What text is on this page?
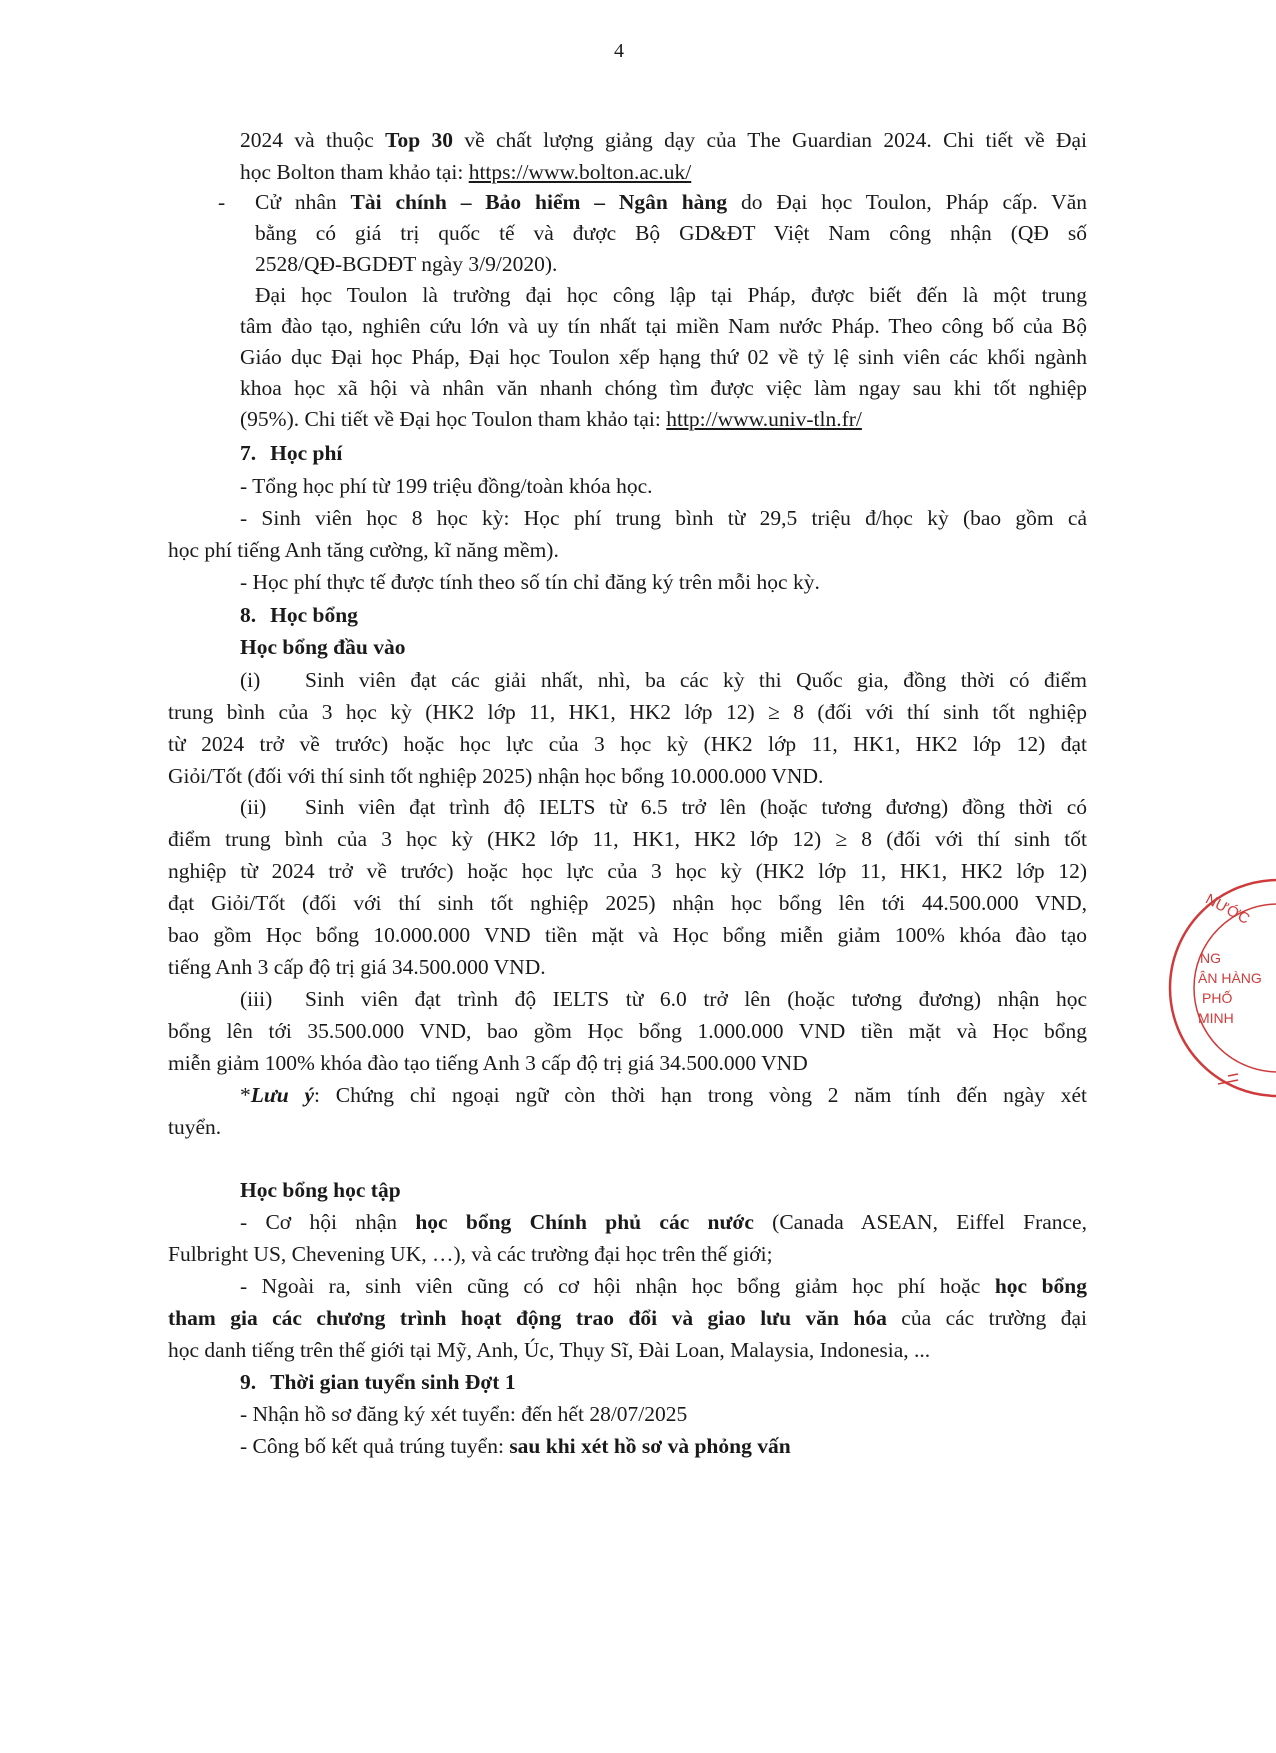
4
2024 và thuộc Top 30 về chất lượng giảng dạy của The Guardian 2024. Chi tiết về Đại
học Bolton tham khảo tại: https://www.bolton.ac.uk/
-	Cử nhân Tài chính – Bảo hiểm – Ngân hàng do Đại học Toulon, Pháp cấp. Văn
bằng có giá trị quốc tế và được Bộ GD&ĐT Việt Nam công nhận (QĐ số
2528/QĐ-BGDĐT ngày 3/9/2020).
Đại học Toulon là trường đại học công lập tại Pháp, được biết đến là một trung
tâm đào tạo, nghiên cứu lớn và uy tín nhất tại miền Nam nước Pháp. Theo công bố của Bộ
Giáo dục Đại học Pháp, Đại học Toulon xếp hạng thứ 02 về tỷ lệ sinh viên các khối ngành
khoa học xã hội và nhân văn nhanh chóng tìm được việc làm ngay sau khi tốt nghiệp
(95%). Chi tiết về Đại học Toulon tham khảo tại: http://www.univ-tln.fr/
7. Học phí
- Tổng học phí từ 199 triệu đồng/toàn khóa học.
- Sinh viên học 8 học kỳ: Học phí trung bình từ 29,5 triệu đ/học kỳ (bao gồm cả
học phí tiếng Anh tăng cường, kĩ năng mềm).
- Học phí thực tế được tính theo số tín chỉ đăng ký trên mỗi học kỳ.
8. Học bổng
Học bổng đầu vào
(i)	Sinh viên đạt các giải nhất, nhì, ba các kỳ thi Quốc gia, đồng thời có điểm
trung bình của 3 học kỳ (HK2 lớp 11, HK1, HK2 lớp 12) ≥ 8 (đối với thí sinh tốt nghiệp
từ 2024 trở về trước) hoặc học lực của 3 học kỳ (HK2 lớp 11, HK1, HK2 lớp 12) đạt
Giỏi/Tốt (đối với thí sinh tốt nghiệp 2025) nhận học bổng 10.000.000 VND.
(ii)	Sinh viên đạt trình độ IELTS từ 6.5 trở lên (hoặc tương đương) đồng thời có
điểm trung bình của 3 học kỳ (HK2 lớp 11, HK1, HK2 lớp 12) ≥ 8 (đối với thí sinh tốt
nghiệp từ 2024 trở về trước) hoặc học lực của 3 học kỳ (HK2 lớp 11, HK1, HK2 lớp 12)
đạt Giỏi/Tốt (đối với thí sinh tốt nghiệp 2025) nhận học bổng lên tới 44.500.000 VND,
bao gồm Học bổng 10.000.000 VND tiền mặt và Học bổng miễn giảm 100% khóa đào tạo
tiếng Anh 3 cấp độ trị giá 34.500.000 VND.
(iii)	Sinh viên đạt trình độ IELTS từ 6.0 trở lên (hoặc tương đương) nhận học
bổng lên tới 35.500.000 VND, bao gồm Học bổng 1.000.000 VND tiền mặt và Học bổng
miễn giảm 100% khóa đào tạo tiếng Anh 3 cấp độ trị giá 34.500.000 VND
*Lưu ý: Chứng chỉ ngoại ngữ còn thời hạn trong vòng 2 năm tính đến ngày xét
tuyển.
Học bổng học tập
- Cơ hội nhận học bổng Chính phủ các nước (Canada ASEAN, Eiffel France,
Fulbright US, Chevening UK, …), và các trường đại học trên thế giới;
- Ngoài ra, sinh viên cũng có cơ hội nhận học bổng giảm học phí hoặc học bổng
tham gia các chương trình hoạt động trao đổi và giao lưu văn hóa của các trường đại
học danh tiếng trên thế giới tại Mỹ, Anh, Úc, Thụy Sĩ, Đài Loan, Malaysia, Indonesia, ...
9. Thời gian tuyển sinh Đợt 1
- Nhận hồ sơ đăng ký xét tuyển: đến hết 28/07/2025
- Công bố kết quả trúng tuyển: sau khi xét hồ sơ và phỏng vấn
NƯỚC
NG
ÂN HÀNG
PHỐ
MINH
